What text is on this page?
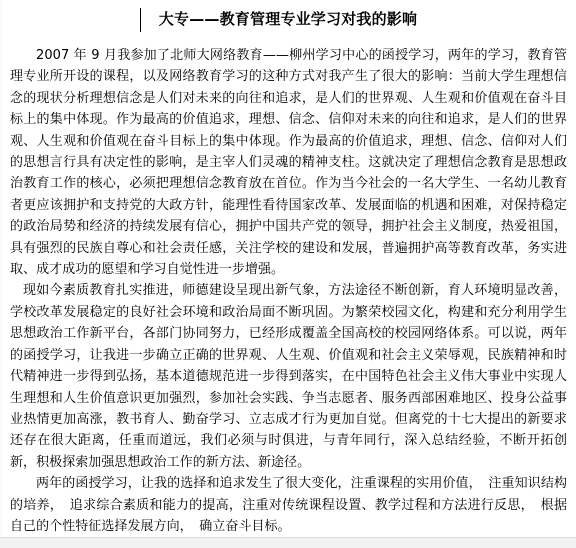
大专——教育管理专业学习对我的影响

2007 年 9 月我参加了北师大网络教育——柳州学习中心的函授学习，两年的学习，教育管理专业所开设的课程，以及网络教育学习的这种方式对我产生了很大的影响：当前大学生理想信念的现状分析理想信念是人们对未来的向往和追求，是人们的世界观、人生观和价值观在奋斗目标上的集中体现。作为最高的价值追求，理想、信念、信仰对未来的向往和追求，是人们的世界观、人生观和价值观在奋斗目标上的集中体现。作为最高的价值追求，理想、信念、信仰对人们的思想言行具有决定性的影响，是主宰人们灵魂的精神支柱。这就决定了理想信念教育是思想政治教育工作的核心，必须把理想信念教育放在首位。作为当今社会的一名大学生、一名幼儿教育者更应该拥护和支持党的大政方针，能理性看待国家改革、发展面临的机遇和困难，对保持稳定的政治局势和经济的持续发展有信心，拥护中国共产党的领导，拥护社会主义制度，热爱祖国，具有强烈的民族自尊心和社会责任感，关注学校的建设和发展，普遍拥护高等教育改革，务实进取、成才成功的愿望和学习自觉性进一步增强。

现如今素质教育扎实推进，师德建设呈现出新气象，方法途径不断创新，育人环境明显改善，学校改革发展稳定的良好社会环境和政治局面不断巩固。为繁荣校园文化，构建和充分利用学生思想政治工作新平台，各部门协同努力，已经形成覆盖全国高校的校园网络体系。可以说，两年的函授学习，让我进一步确立正确的世界观、人生观、价值观和社会主义荣辱观，民族精神和时代精神进一步得到弘扬，基本道德规范进一步得到落实，在中国特色社会主义伟大事业中实现人生理想和人生价值意识更加强烈，参加社会实践、争当志愿者、服务西部困难地区、投身公益事业热情更加高涨，教书育人、勤奋学习、立志成才行为更加自觉。但离党的十七大提出的新要求还存在很大距离，任重而道远，我们必须与时俱进，与青年同行，深入总结经验，不断开拓创新，积极探索加强思想政治工作的新方法、新途径。

两年的函授学习，让我的选择和追求发生了很大变化，注重课程的实用价值，　注重知识结构的培养，　追求综合素质和能力的提高，注重对传统课程设置、教学过程和方法进行反思，　根据自己的个性特征选择发展方向，　确立奋斗目标。
